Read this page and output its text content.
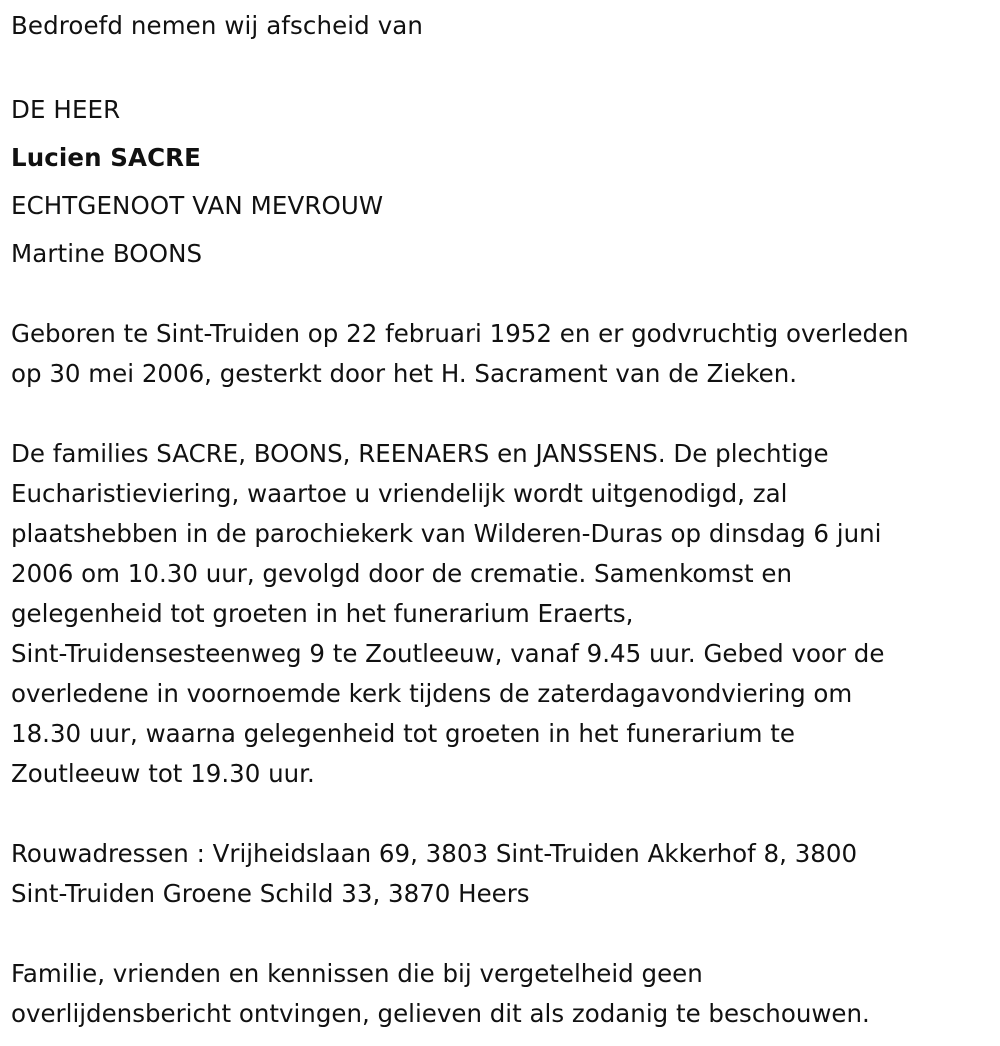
Bedroefd nemen wij afscheid van

DE HEER

Lucien SACRE

ECHTGENOOT VAN MEVROUW

Martine BOONS

Geboren te Sint-Truiden op 22 februari 1952 en er godvruchtig overleden

op 30 mei 2006, gesterkt door het H. Sacrament van de Zieken.

De families SACRE, BOONS, REENAERS en JANSSENS. De plechtige

Eucharistieviering, waartoe u vriendelijk wordt uitgenodigd, zal

plaatshebben in de parochiekerk van Wilderen-Duras op dinsdag 6 juni

2006 om 10.30 uur, gevolgd door de crematie. Samenkomst en

gelegenheid tot groeten in het funerarium Eraerts,

Sint-Truidensesteenweg 9 te Zoutleeuw, vanaf 9.45 uur. Gebed voor de

overledene in voornoemde kerk tijdens de zaterdagavondviering om

18.30 uur, waarna gelegenheid tot groeten in het funerarium te

Zoutleeuw tot 19.30 uur.

Rouwadressen : Vrijheidslaan 69, 3803 Sint-Truiden Akkerhof 8, 3800

Sint-Truiden Groene Schild 33, 3870 Heers

Familie, vrienden en kennissen die bij vergetelheid geen

overlijdensbericht ontvingen, gelieven dit als zodanig te beschouwen.
